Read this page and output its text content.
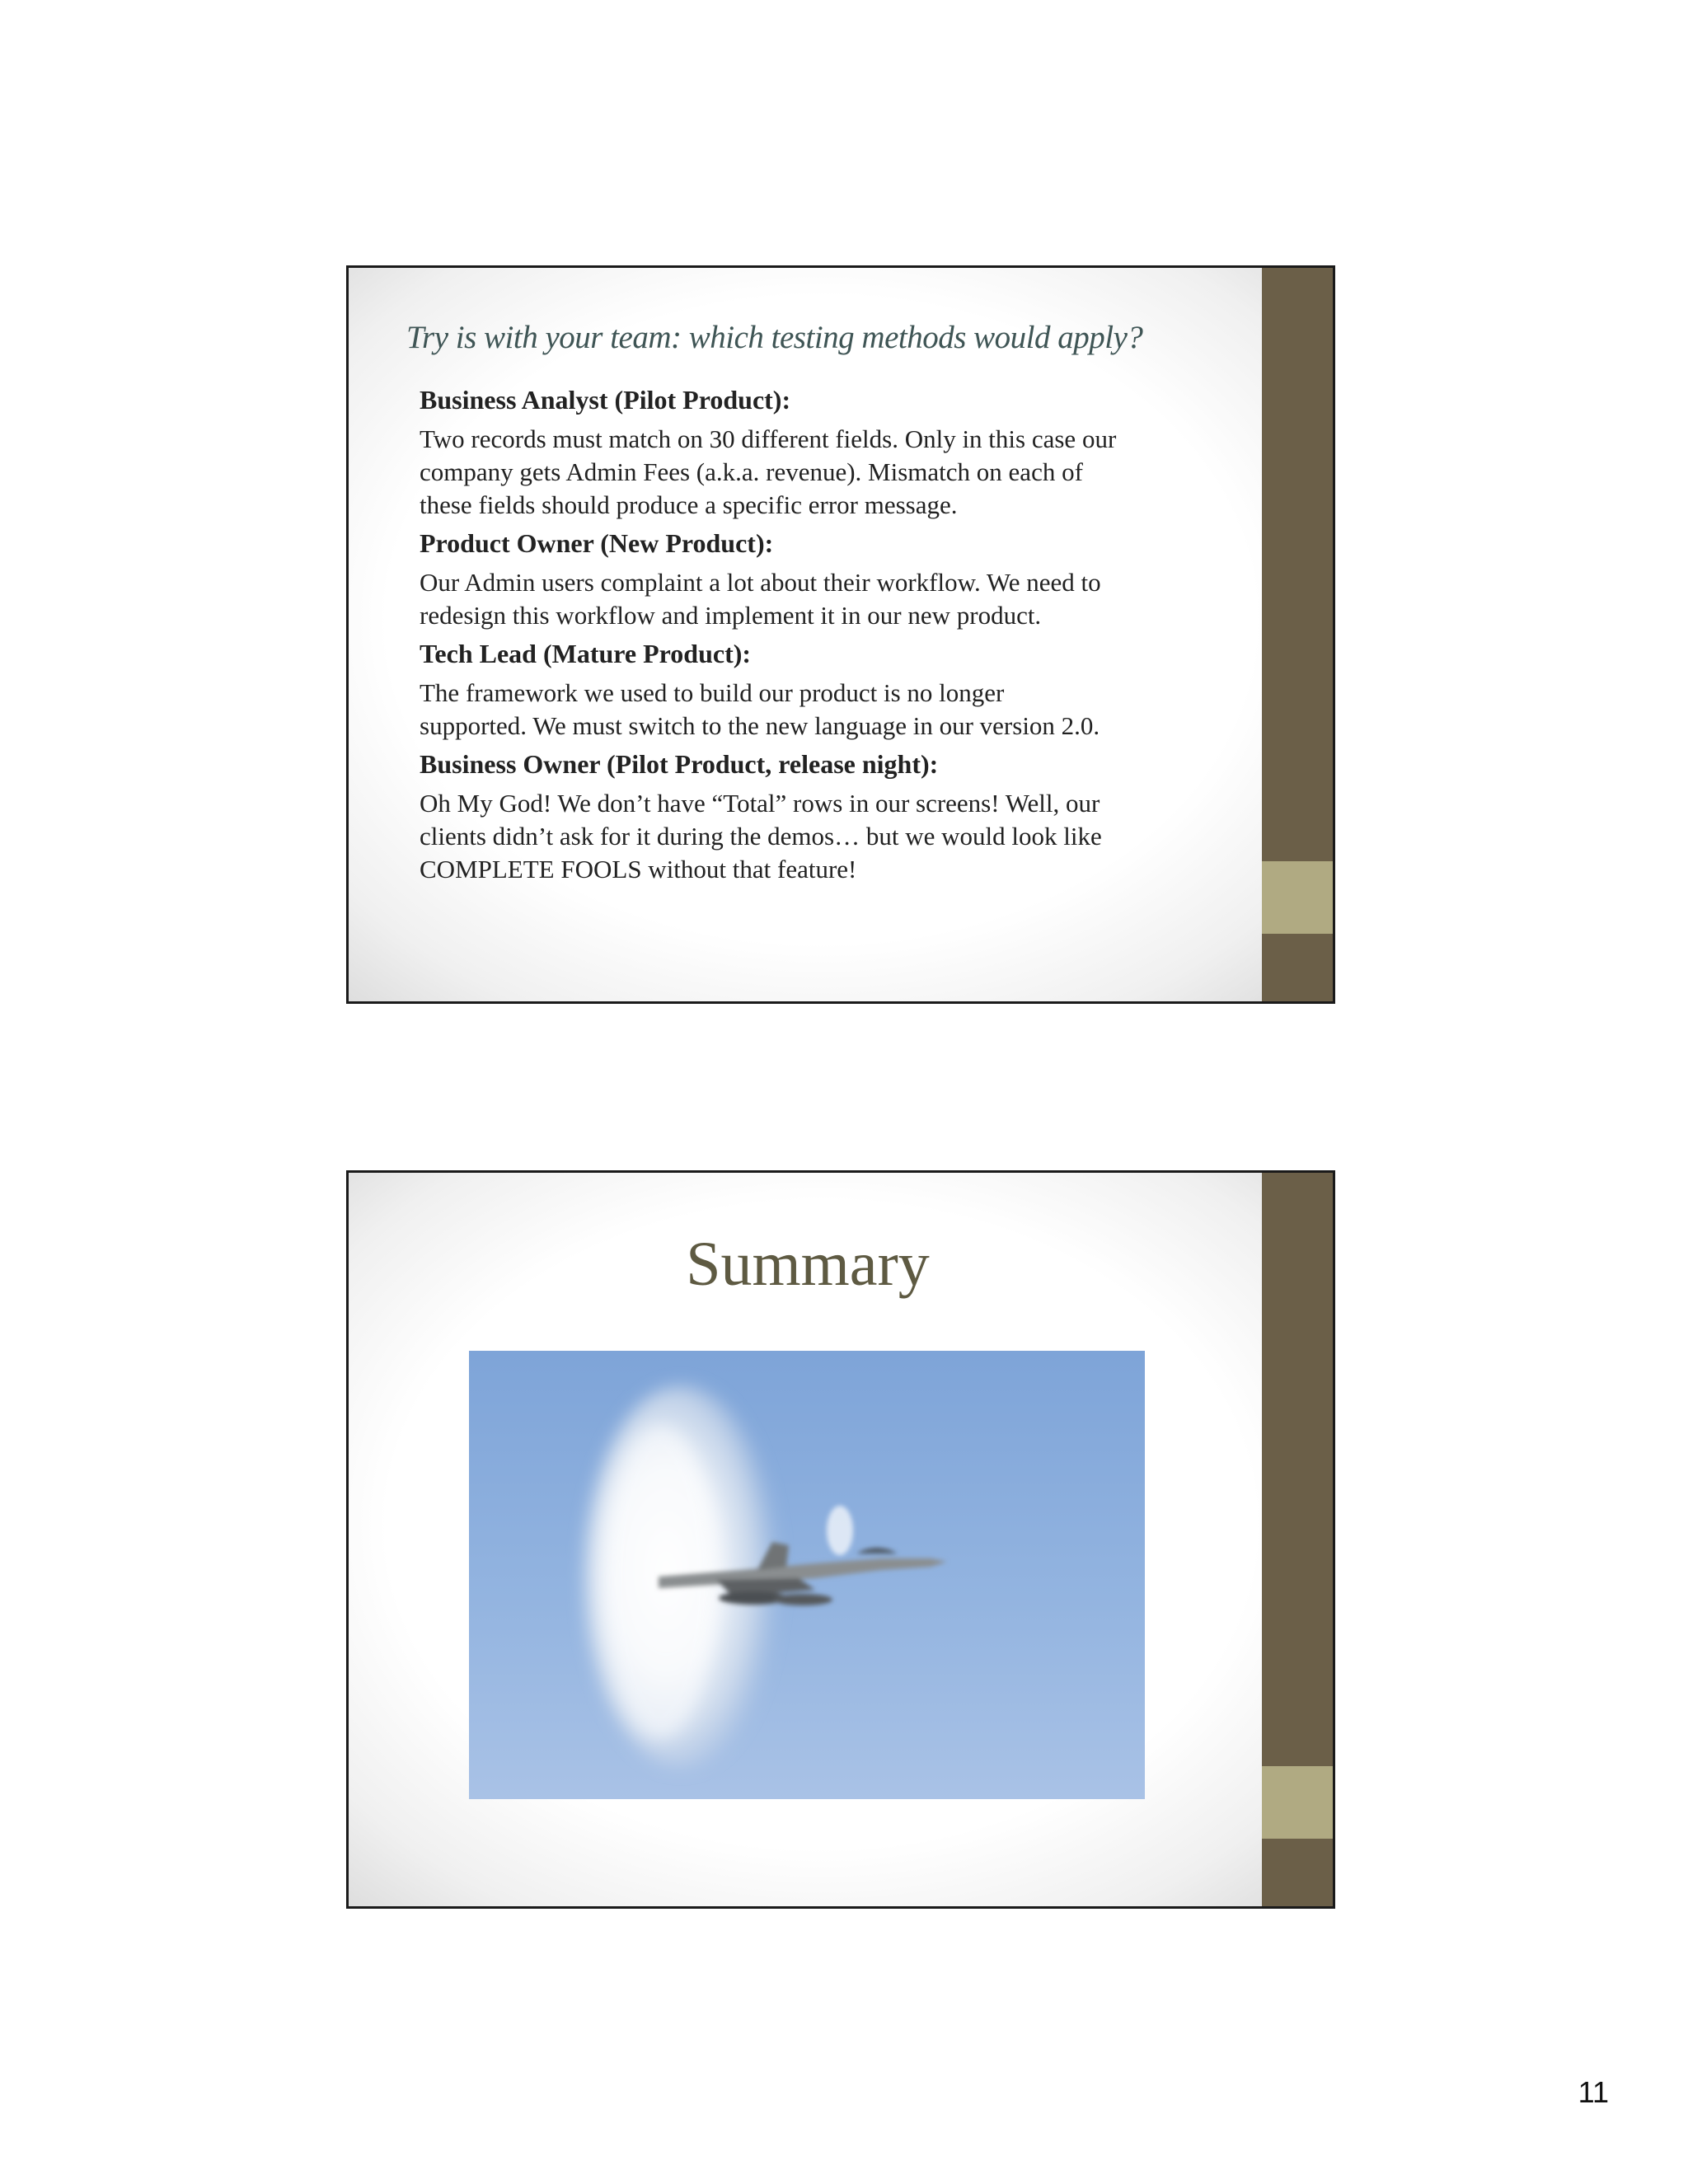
Try is with your team: which testing methods would apply?

Business Analyst (Pilot Product):

Two records must match on 30 different fields. Only in this case our
company gets Admin Fees (a.k.a. revenue). Mismatch on each of
these fields should produce a specific error message.

Product Owner (New Product):

Our Admin users complaint a lot about their workflow. We need to
redesign this workflow and implement it in our new product.

Tech Lead (Mature Product):

The framework we used to build our product is no longer
supported. We must switch to the new language in our version 2.0.

Business Owner (Pilot Product, release night):

Oh My God! We don’t have “Total” rows in our screens! Well, our
clients didn’t ask for it during the demos… but we would look like
COMPLETE FOOLS without that feature!

Summary

11
